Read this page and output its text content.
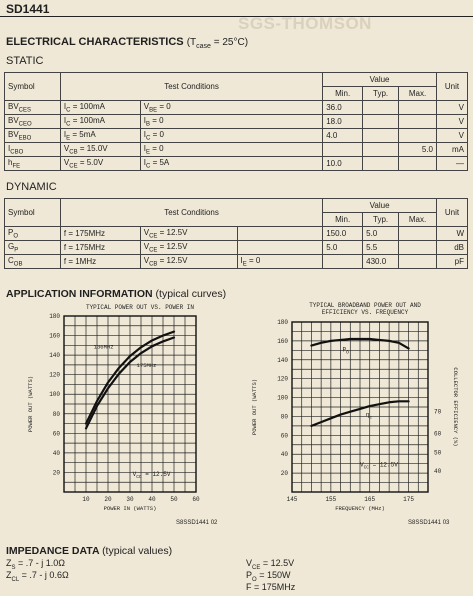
SD1441
SGS-THOMSON
ELECTRICAL CHARACTERISTICS $(T_{case} = 25^\circ C)$
STATIC
Symbol	Test Conditions		Value			Unit
			Min.	Typ.	Max.	
$BV_{CES}$	$I_C = 100mA$	$V_{BE} = 0$	36.0			V
$BV_{CEO}$	$I_C = 100mA$	$I_B = 0$	18.0			V
$BV_{EBO}$	$I_E = 5mA$	$I_C = 0$	4.0			V
$I_{CBO}$	$V_{CB} = 15.0V$	$I_E = 0$			5.0	mA
$h_{FE}$	$V_{CE} = 5.0V$	$I_C = 5A$	10.0			—
DYNAMIC
Symbol	Test Conditions			Value			Unit
				Min.	Typ.	Max.	
$P_O$	f = 175MHz	$V_{CE} = 12.5V$		150.0	5.0		W
$G_P$	f = 175MHz	$V_{CE} = 12.5V$		5.0	5.5		dB
$C_{OB}$	f = 1MHz	$V_{CB} = 12.5V$	$I_E = 0$		430.0		pF
APPLICATION INFORMATION (typical curves)
TYPICAL POWER OUT VS. POWER IN
20
40
60
80
100
120
140
160
180
10 20 30 40 50 60
POWER OUT (WATTS)
POWER IN (WATTS)
$V_{CC} = 12.5V$
136MHz
175MHz
S8SSD1441 02
TYPICAL BROADBAND POWER OUT AND EFFICIENCY VS. FREQUENCY
20
40
60
80
100
120
140
160
180
145	155	165	175
POWER OUT (WATTS)
FREQUENCY (MHz)
$V_{CC} = 12.5V$
40
50
60
70 COLLECTOR EFFICIENCY (%)
$P_O$
$\eta_c$
S8SSD1441 03
IMPEDANCE DATA (typical values)
$Z_S = .7 - j$ 1.0Ω
$Z_{CL} = .7 - j$ 0.6Ω
$V_{CE} = 12.5V$
$P_O = 150W$
F = 175MHz
